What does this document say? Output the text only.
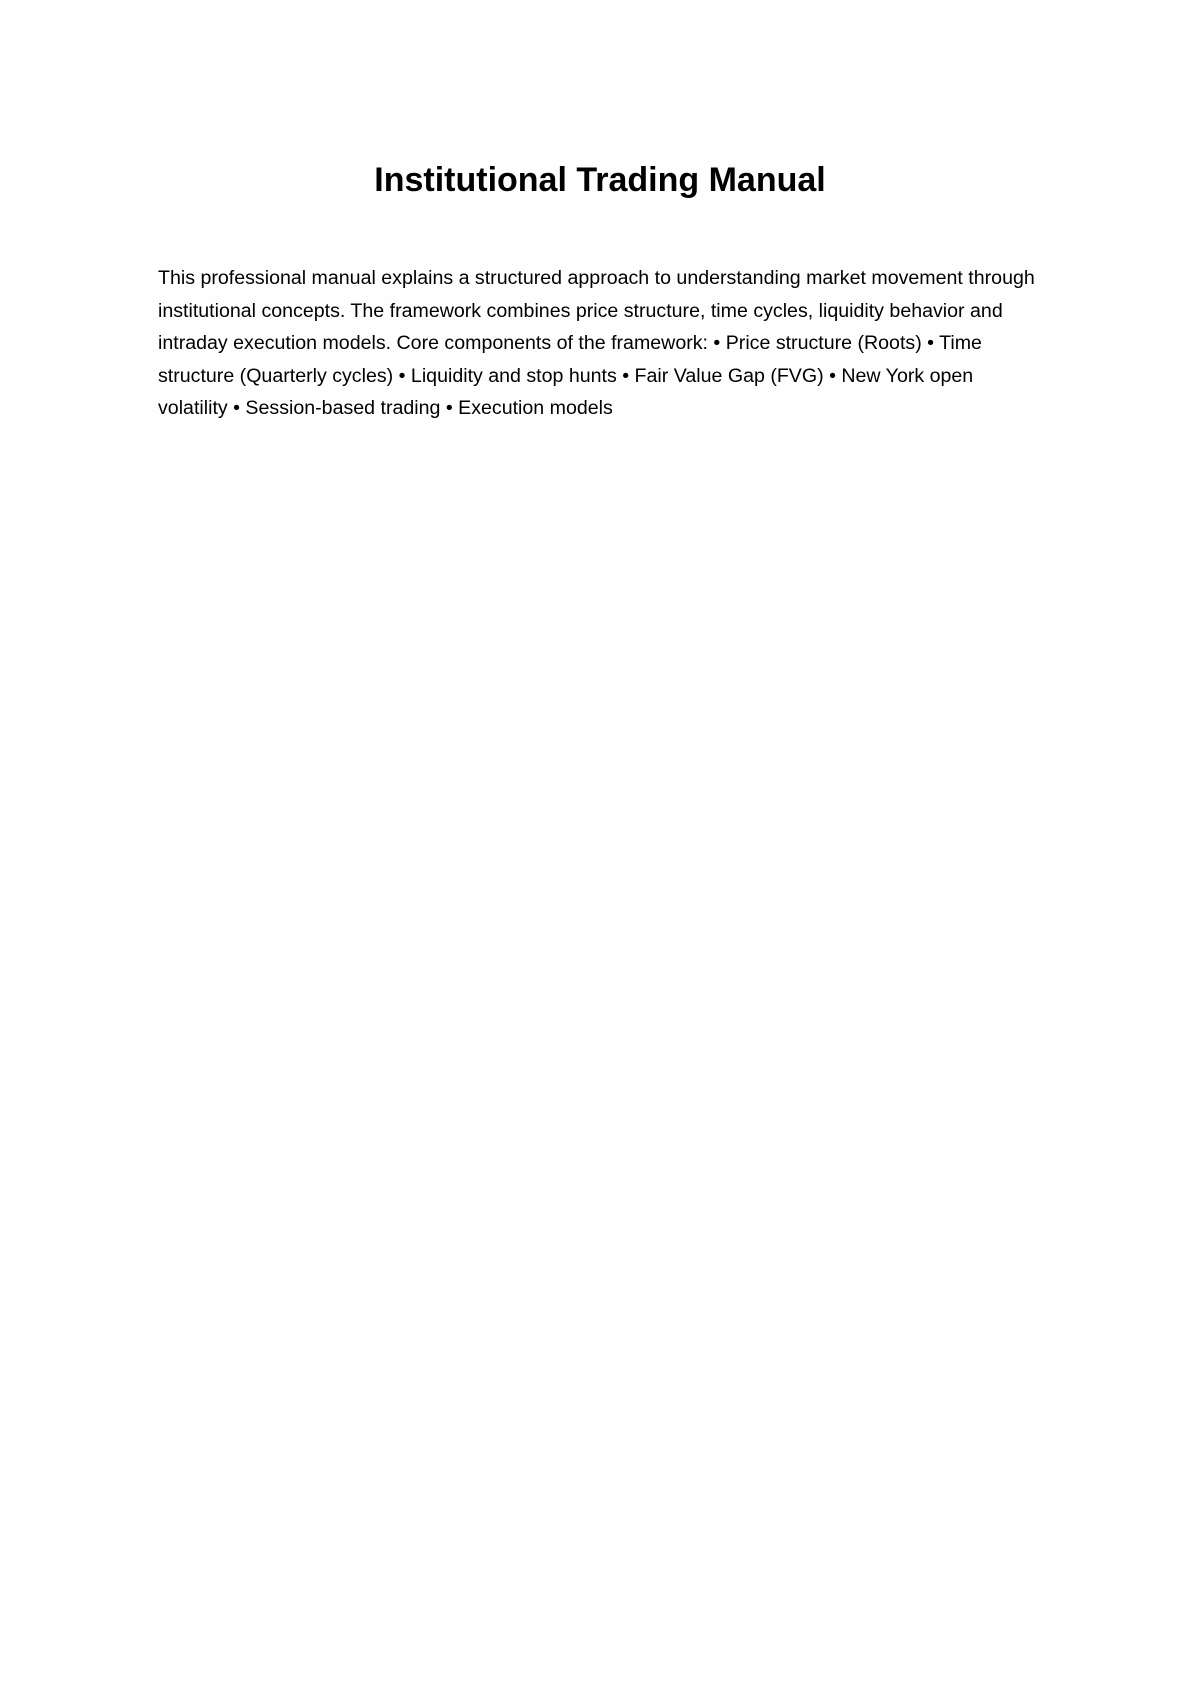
Institutional Trading Manual

This professional manual explains a structured approach to understanding market movement through institutional concepts. The framework combines price structure, time cycles, liquidity behavior and intraday execution models. Core components of the framework: • Price structure (Roots) • Time structure (Quarterly cycles) • Liquidity and stop hunts • Fair Value Gap (FVG) • New York open volatility • Session-based trading • Execution models
